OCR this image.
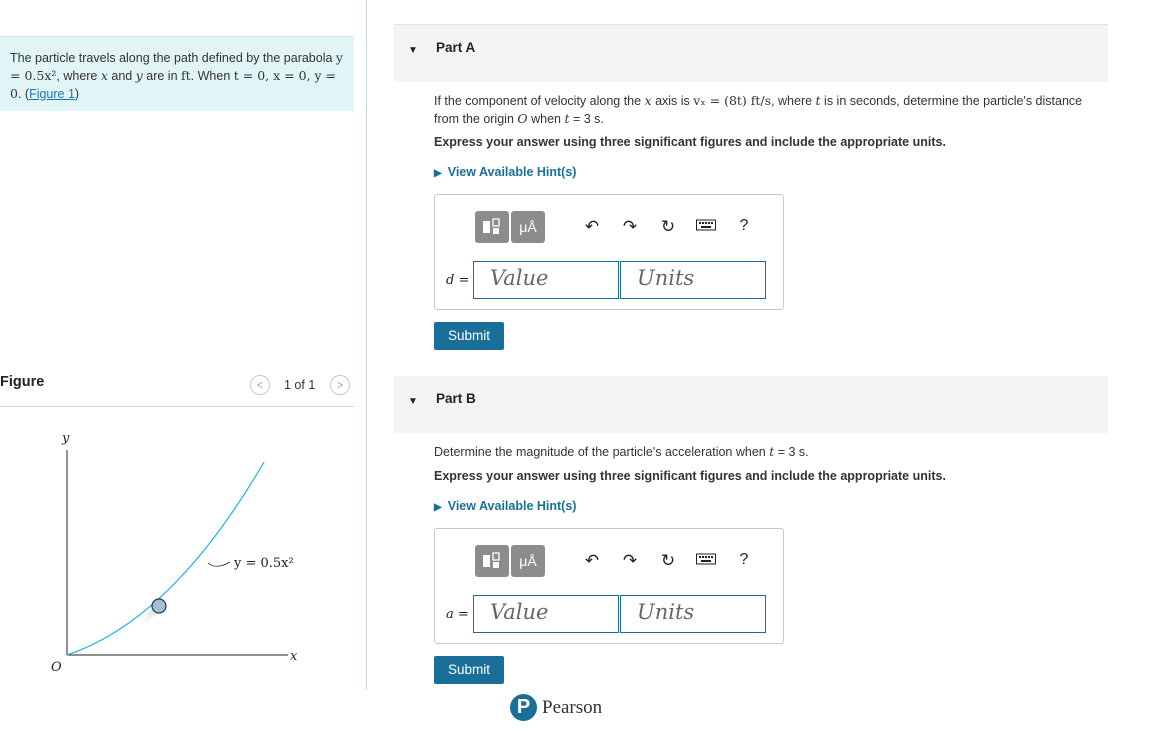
The particle travels along the path defined by the parabola y = 0.5x², where x and y are in ft. When t = 0, x = 0, y = 0. (Figure 1)
Figure	<	1 of 1	>
y
x
O
y = 0.5x²
▼ Part A
If the component of velocity along the x axis is vₓ = (8t) ft/s, where t is in seconds, determine the particle's distance from the origin O when t = 3 s.
Express your answer using three significant figures and include the appropriate units.
▶ View Available Hint(s)
μÅ	↶ ↷ ↻	?
d = Value	Units
Submit
▼ Part B
Determine the magnitude of the particle's acceleration when t = 3 s.
Express your answer using three significant figures and include the appropriate units.
▶ View Available Hint(s)
μÅ	↶ ↷ ↻	?
a =	Value	Units
Submit
P Pearson
